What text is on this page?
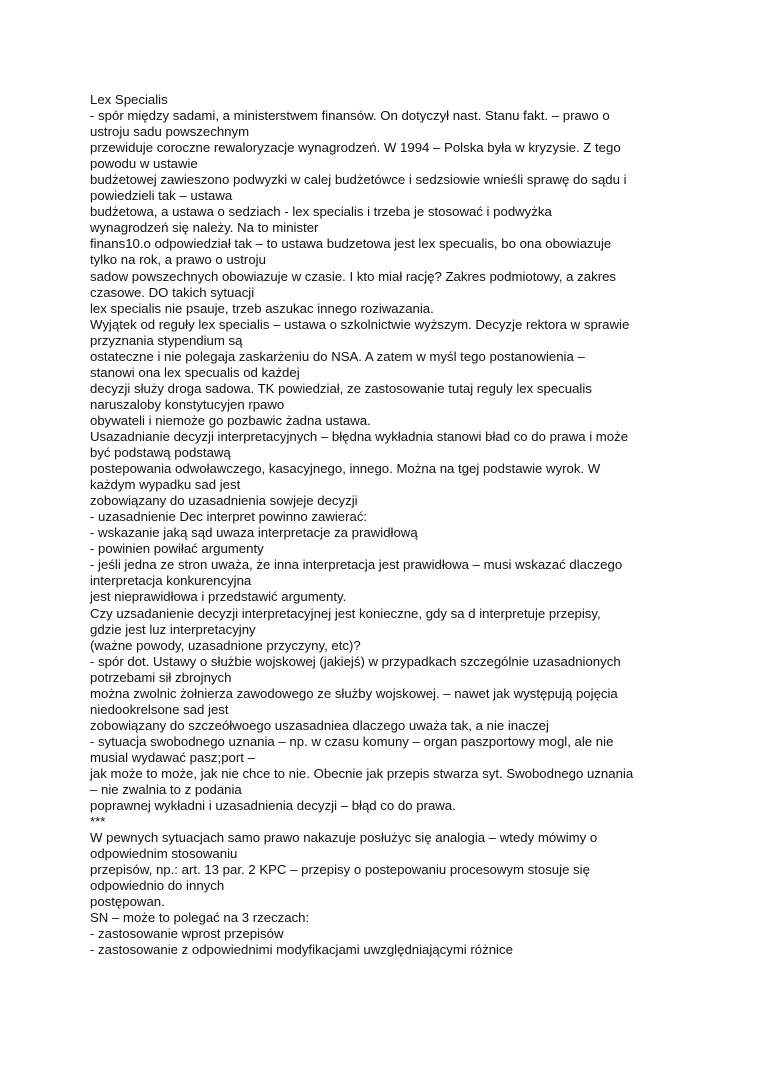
Lex Specialis
- spór między sadami, a ministerstwem finansów. On dotyczył nast. Stanu fakt. – prawo o
ustroju sadu powszechnym
przewiduje coroczne rewaloryzacje wynagrodzeń. W 1994 – Polska była w kryzysie. Z tego
powodu w ustawie
budżetowej zawieszono podwyzki w calej budżetówce i sedzsiowie wnieśli sprawę do sądu i
powiedzieli tak – ustawa
budżetowa, a ustawa o sedziach - lex specialis i trzeba je stosować i podwyżka
wynagrodzeń się należy. Na to minister
finans10.o odpowiedział tak – to ustawa budzetowa jest lex specualis, bo ona obowiazuje
tylko na rok, a prawo o ustroju
sadow powszechnych obowiazuje w czasie. I kto miał rację? Zakres podmiotowy, a zakres
czasowe. DO takich sytuacji
lex specialis nie psauje, trzeb aszukac innego roziwazania.
Wyjątek od reguły lex specialis – ustawa o szkolnictwie wyższym. Decyzje rektora w sprawie
przyznania stypendium są
ostateczne i nie polegaja zaskarżeniu do NSA. A zatem w myśl tego postanowienia –
stanowi ona lex specualis od każdej
decyzji służy droga sadowa. TK powiedział, ze zastosowanie tutaj reguly lex specualis
naruszaloby konstytucyjen rpawo
obywateli i niemoże go pozbawic żadna ustawa.
Usazadnianie decyzji interpretacyjnych – błędna wykładnia stanowi bład co do prawa i może
być podstawą podstawą
postepowania odwoławczego, kasacyjnego, innego. Można na tgej podstawie wyrok. W
każdym wypadku sad jest
zobowiązany do uzasadnienia sowjeje decyzji
- uzasadnienie Dec interpret powinno zawierać:
- wskazanie jaką sąd uwaza interpretacje za prawidłową
- powinien powiłać argumenty
- jeśli jedna ze stron uważa, że inna interpretacja jest prawidłowa – musi wskazać dlaczego
interpretacja konkurencyjna
jest nieprawidłowa i przedstawić argumenty.
Czy uzsadanienie decyzji interpretacyjnej jest konieczne, gdy sa d interpretuje przepisy,
gdzie jest luz interpretacyjny
(ważne powody, uzasadnione przyczyny, etc)?
- spór dot. Ustawy o służbie wojskowej (jakiejś) w przypadkach szczególnie uzasadnionych
potrzebami sił zbrojnych
można zwolnic żołnierza zawodowego ze służby wojskowej. – nawet jak występują pojęcia
niedookrelsone sad jest
zobowiązany do szczeółwoego uszasadniea dlaczego uważa tak, a nie inaczej
- sytuacja swobodnego uznania – np. w czasu komuny – organ paszportowy mogl, ale nie
musial wydawać pasz;port –
jak może to może, jak nie chce to nie. Obecnie jak przepis stwarza syt. Swobodnego uznania
– nie zwalnia to z podania
poprawnej wykładni i uzasadnienia decyzji – błąd co do prawa.
***
W pewnych sytuacjach samo prawo nakazuje posłużyc się analogia – wtedy mówimy o
odpowiednim stosowaniu
przepisów, np.: art. 13 par. 2 KPC – przepisy o postepowaniu procesowym stosuje się
odpowiednio do innych
postępowan.
SN – może to polegać na 3 rzeczach:
- zastosowanie wprost przepisów
- zastosowanie z odpowiednimi modyfikacjami uwzględniającymi różnice
